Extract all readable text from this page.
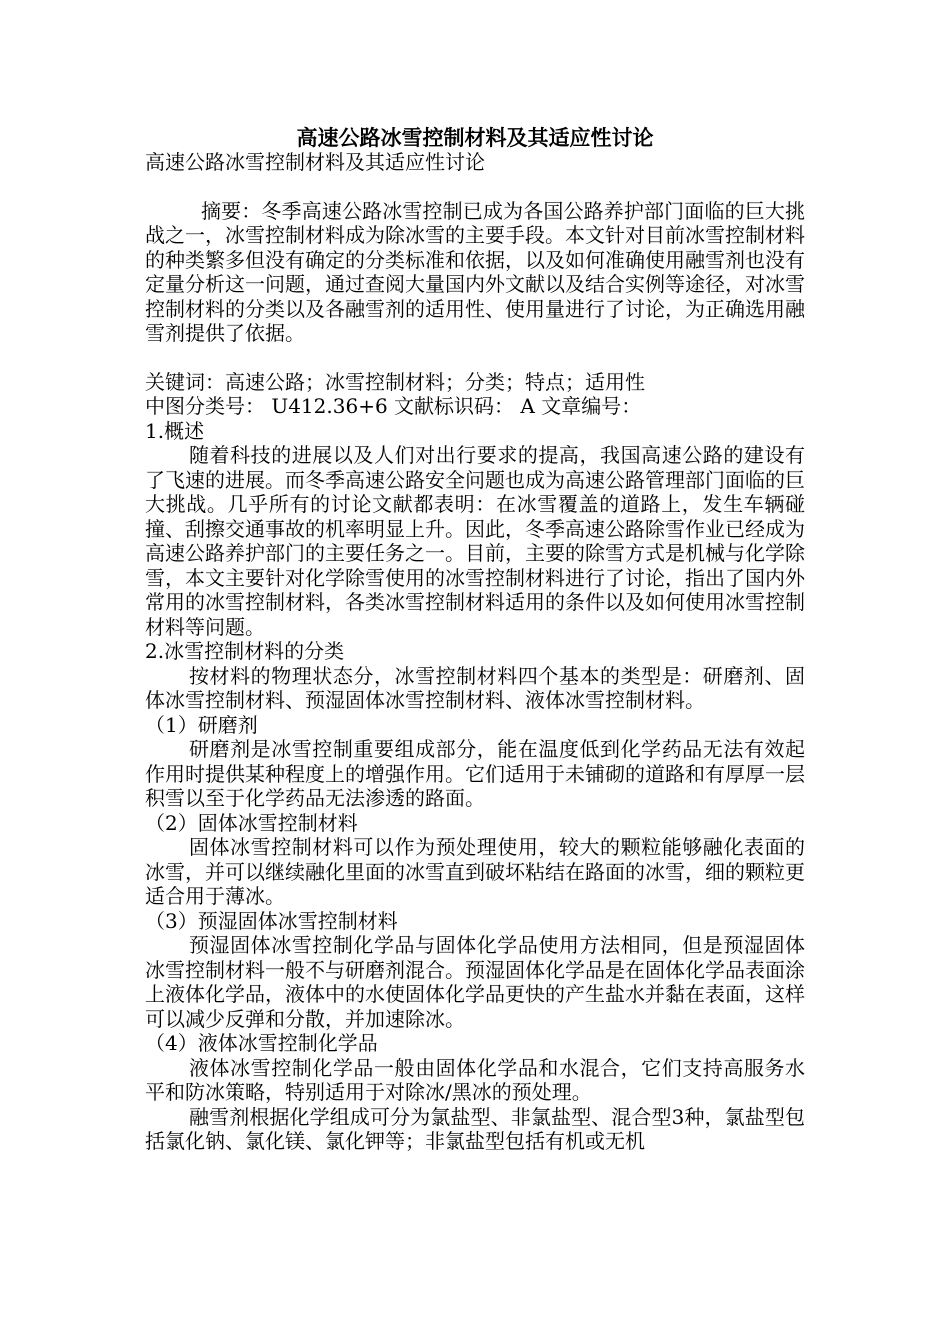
高速公路冰雪控制材料及其适应性讨论

高速公路冰雪控制材料及其适应性讨论

摘要：冬季高速公路冰雪控制已成为各国公路养护部门面临的巨大挑战之一，冰雪控制材料成为除冰雪的主要手段。本文针对目前冰雪控制材料的种类繁多但没有确定的分类标准和依据，以及如何准确使用融雪剂也没有定量分析这一问题，通过查阅大量国内外文献以及结合实例等途径，对冰雪控制材料的分类以及各融雪剂的适用性、使用量进行了讨论，为正确选用融雪剂提供了依据。

关键词：高速公路；冰雪控制材料；分类；特点；适用性

中图分类号： U412.36+6 文献标识码： A 文章编号：

1.概述

随着科技的进展以及人们对出行要求的提高，我国高速公路的建设有了飞速的进展。而冬季高速公路安全问题也成为高速公路管理部门面临的巨大挑战。几乎所有的讨论文献都表明：在冰雪覆盖的道路上，发生车辆碰撞、刮擦交通事故的机率明显上升。因此，冬季高速公路除雪作业已经成为高速公路养护部门的主要任务之一。目前，主要的除雪方式是机械与化学除雪，本文主要针对化学除雪使用的冰雪控制材料进行了讨论，指出了国内外常用的冰雪控制材料，各类冰雪控制材料适用的条件以及如何使用冰雪控制材料等问题。

2.冰雪控制材料的分类

按材料的物理状态分，冰雪控制材料四个基本的类型是：研磨剂、固体冰雪控制材料、预湿固体冰雪控制材料、液体冰雪控制材料。

（1）研磨剂

研磨剂是冰雪控制重要组成部分，能在温度低到化学药品无法有效起作用时提供某种程度上的增强作用。它们适用于未铺砌的道路和有厚厚一层积雪以至于化学药品无法渗透的路面。

（2）固体冰雪控制材料

固体冰雪控制材料可以作为预处理使用，较大的颗粒能够融化表面的冰雪，并可以继续融化里面的冰雪直到破坏粘结在路面的冰雪，细的颗粒更适合用于薄冰。

（3）预湿固体冰雪控制材料

预湿固体冰雪控制化学品与固体化学品使用方法相同，但是预湿固体冰雪控制材料一般不与研磨剂混合。预湿固体化学品是在固体化学品表面涂上液体化学品，液体中的水使固体化学品更快的产生盐水并黏在表面，这样可以减少反弹和分散，并加速除冰。

（4）液体冰雪控制化学品

液体冰雪控制化学品一般由固体化学品和水混合，它们支持高服务水平和防冰策略，特别适用于对除冰/黑冰的预处理。

融雪剂根据化学组成可分为氯盐型、非氯盐型、混合型3种，氯盐型包括氯化钠、氯化镁、氯化钾等；非氯盐型包括有机或无机
